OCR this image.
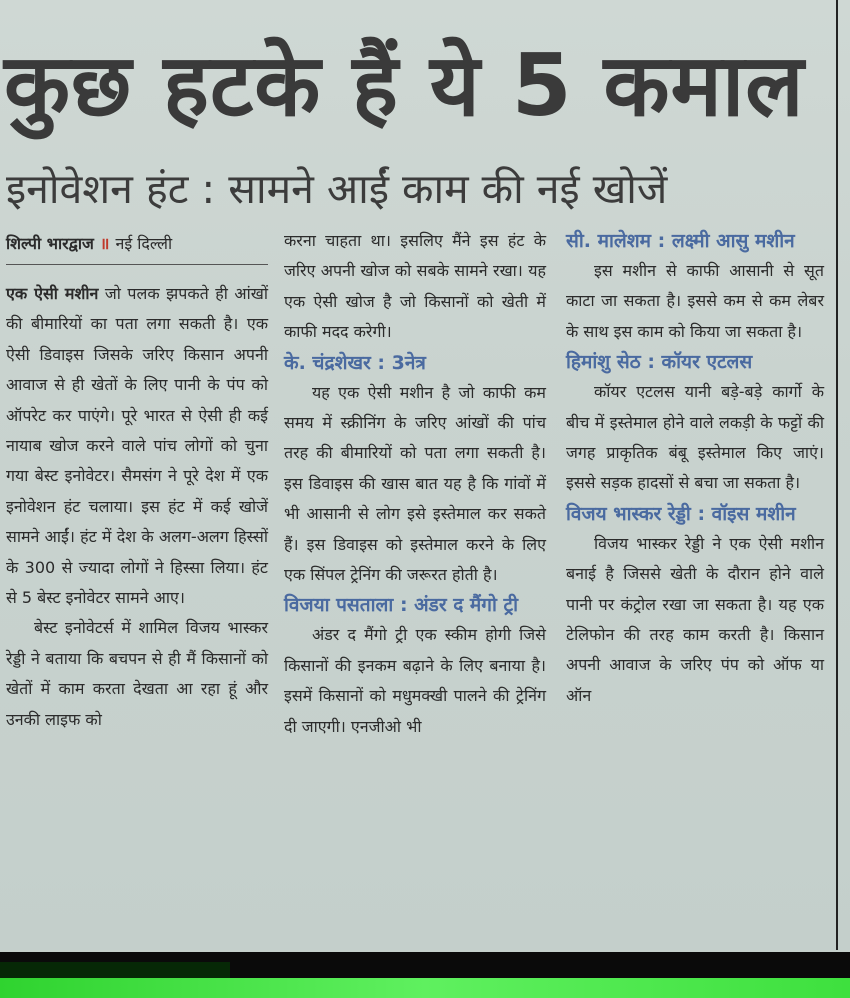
कुछ हटके हैं ये 5 कमाल
इनोवेशन हंट : सामने आईं काम की नई खोजें
शिल्पी भारद्वाज ॥ नई दिल्ली

एक ऐसी मशीन जो पलक झपकते ही आंखों की बीमारियों का पता लगा सकती है। एक ऐसी डिवाइस जिसके जरिए किसान अपनी आवाज से ही खेतों के लिए पानी के पंप को ऑपरेट कर पाएंगे। पूरे भारत से ऐसी ही कई नायाब खोज करने वाले पांच लोगों को चुना गया बेस्ट इनोवेटर। सैमसंग ने पूरे देश में एक इनोवेशन हंट चलाया। इस हंट में कई खोजें सामने आईं। हंट में देश के अलग-अलग हिस्सों के 300 से ज्यादा लोगों ने हिस्सा लिया। हंट से 5 बेस्ट इनोवेटर सामने आए।

बेस्ट इनोवेटर्स में शामिल विजय भास्कर रेड्डी ने बताया कि बचपन से ही मैं किसानों को खेतों में काम करता देखता आ रहा हूं और उनकी लाइफ को

करना चाहता था। इसलिए मैंने इस हंट के जरिए अपनी खोज को सबके सामने रखा। यह एक ऐसी खोज है जो किसानों को खेती में काफी मदद करेगी।

के. चंद्रशेखर : 3नेत्र

यह एक ऐसी मशीन है जो काफी कम समय में स्क्रीनिंग के जरिए आंखों की पांच तरह की बीमारियों को पता लगा सकती है। इस डिवाइस की खास बात यह है कि गांवों में भी आसानी से लोग इसे इस्तेमाल कर सकते हैं। इस डिवाइस को इस्तेमाल करने के लिए एक सिंपल ट्रेनिंग की जरूरत होती है।

विजया पसताला : अंडर द मैंगो ट्री

अंडर द मैंगो ट्री एक स्कीम होगी जिसे किसानों की इनकम बढ़ाने के लिए बनाया है। इसमें किसानों को मधुमक्खी पालने की ट्रेनिंग दी जाएगी। एनजीओ भी

सी. मालेशम : लक्ष्मी आसु मशीन

इस मशीन से काफी आसानी से सूत काटा जा सकता है। इससे कम से कम लेबर के साथ इस काम को किया जा सकता है।

हिमांशु सेठ : कॉयर एटलस

कॉयर एटलस यानी बड़े-बड़े कार्गो के बीच में इस्तेमाल होने वाले लकड़ी के फट्टों की जगह प्राकृतिक बंबू इस्तेमाल किए जाएं। इससे सड़क हादसों से बचा जा सकता है।

विजय भास्कर रेड्डी : वॉइस मशीन

विजय भास्कर रेड्डी ने एक ऐसी मशीन बनाई है जिससे खेती के दौरान होने वाले पानी पर कंट्रोल रखा जा सकता है। यह एक टेलिफोन की तरह काम करती है। किसान अपनी आवाज के जरिए पंप को ऑफ या ऑन
